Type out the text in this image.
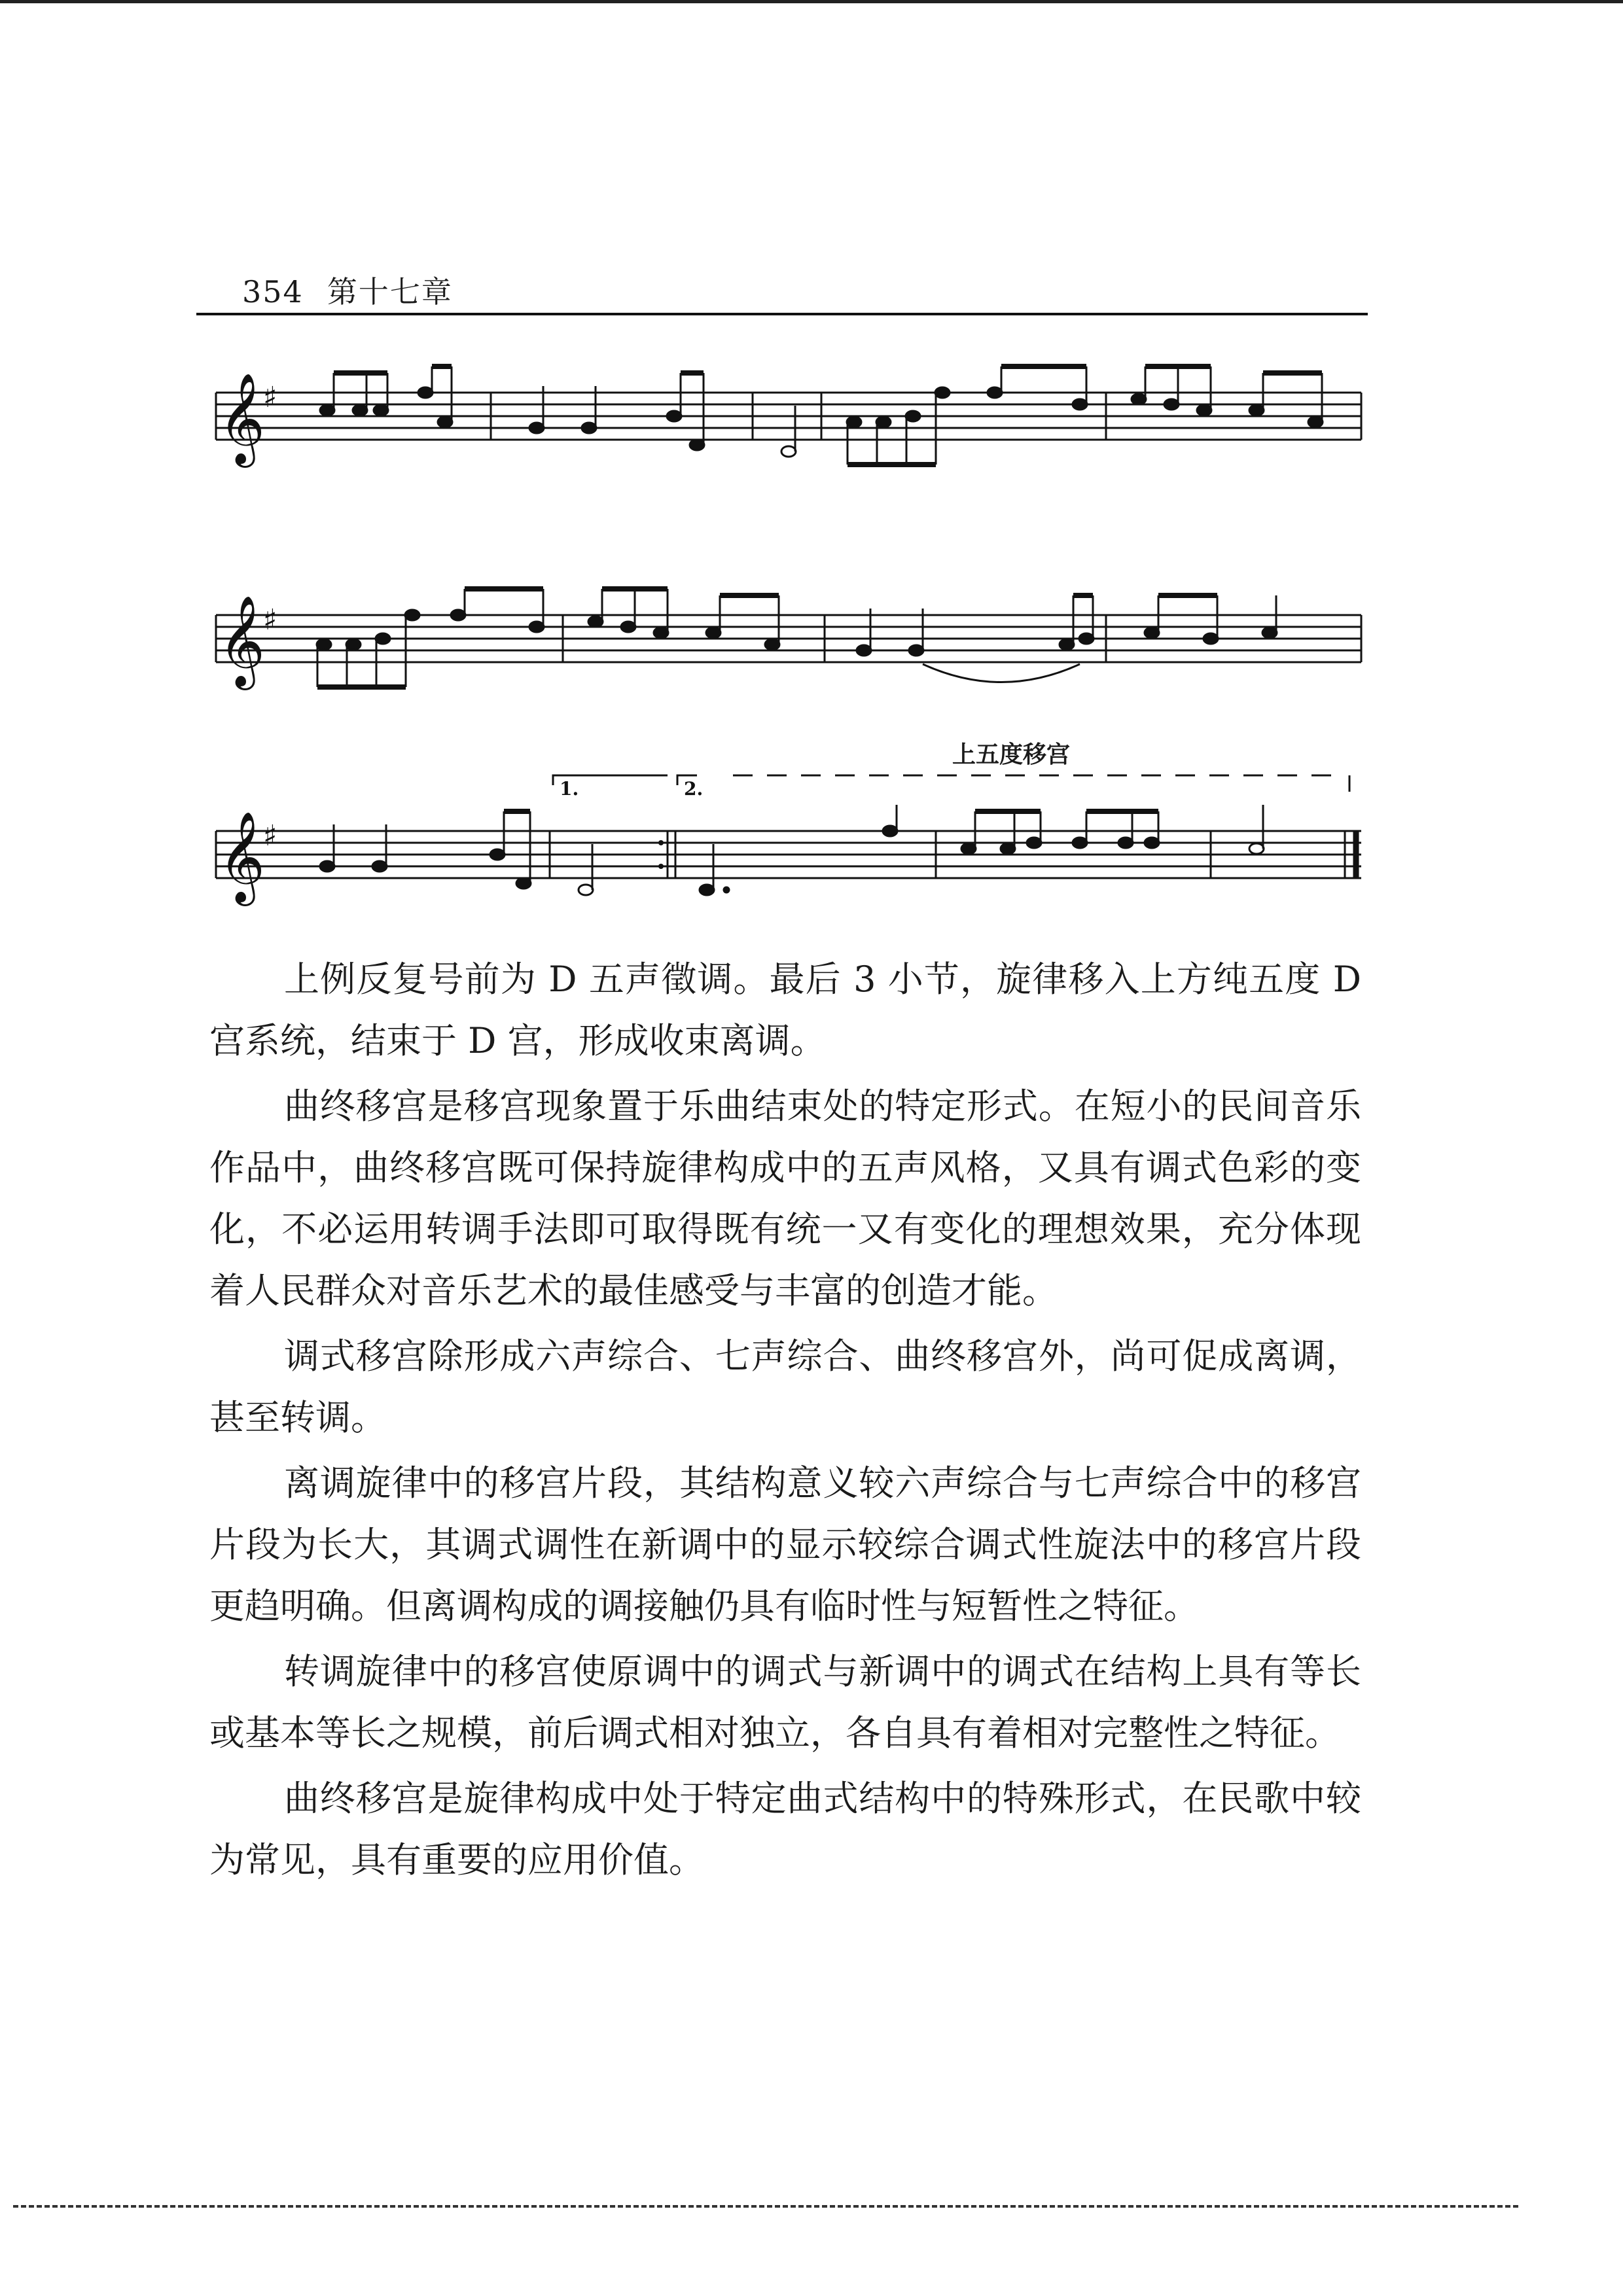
354 第十七章
𝄞
♯
𝄞
♯
上五度移宫
𝄞
♯
1.	2.

上例反复号前为 D 五声徵调。最后 3 小节，旋律移入上方纯五度 D 宫系统，结束于 D 宫，形成收束离调。

曲终移宫是移宫现象置于乐曲结束处的特定形式。在短小的民间音乐作品中，曲终移宫既可保持旋律构成中的五声风格，又具有调式色彩的变化，不必运用转调手法即可取得既有统一又有变化的理想效果，充分体现着人民群众对音乐艺术的最佳感受与丰富的创造才能。

调式移宫除形成六声综合、七声综合、曲终移宫外，尚可促成离调，甚至转调。

离调旋律中的移宫片段，其结构意义较六声综合与七声综合中的移宫片段为长大，其调式调性在新调中的显示较综合调式性旋法中的移宫片段更趋明确。但离调构成的调接触仍具有临时性与短暂性之特征。

转调旋律中的移宫使原调中的调式与新调中的调式在结构上具有等长或基本等长之规模，前后调式相对独立，各自具有着相对完整性之特征。

曲终移宫是旋律构成中处于特定曲式结构中的特殊形式，在民歌中较为常见，具有重要的应用价值。
